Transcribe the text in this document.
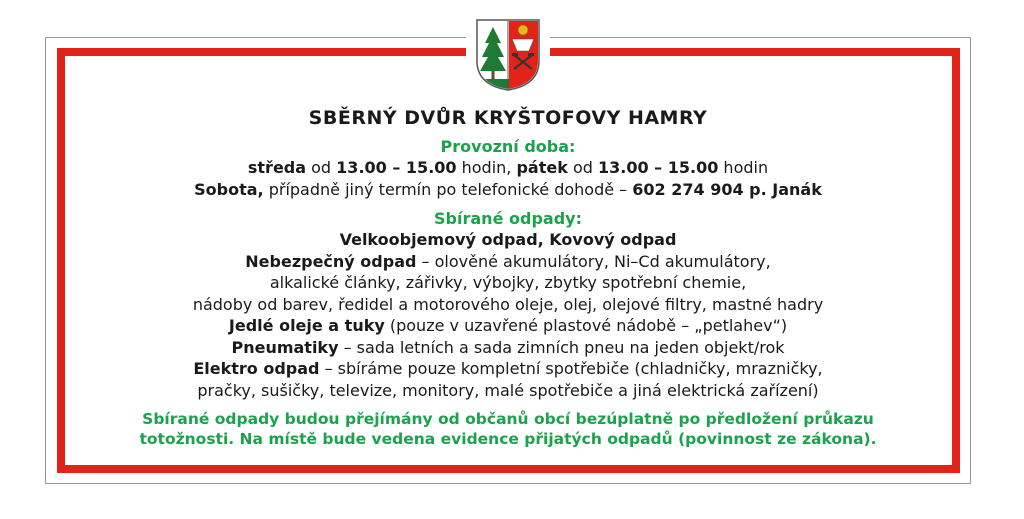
SBĚRNÝ DVŮR KRYŠTOFOVY HAMRY
Provozní doba:
středa od 13.00 – 15.00 hodin, pátek od 13.00 – 15.00 hodin
Sobota, případně jiný termín po telefonické dohodě – 602 274 904 p. Janák
Sbírané odpady:
Velkoobjemový odpad, Kovový odpad
Nebezpečný odpad – olověné akumulátory, Ni–Cd akumulátory,
alkalické články, zářivky, výbojky, zbytky spotřební chemie,
nádoby od barev, ředidel a motorového oleje, olej, olejové filtry, mastné hadry
Jedlé oleje a tuky (pouze v uzavřené plastové nádobě – „petlahev“)
Pneumatiky – sada letních a sada zimních pneu na jeden objekt/rok
Elektro odpad – sbíráme pouze kompletní spotřebiče (chladničky, mrazničky,
pračky, sušičky, televize, monitory, malé spotřebiče a jiná elektrická zařízení)
Sbírané odpady budou přejímány od občanů obcí bezúplatně po předložení průkazu
totožnosti. Na místě bude vedena evidence přijatých odpadů (povinnost ze zákona).
